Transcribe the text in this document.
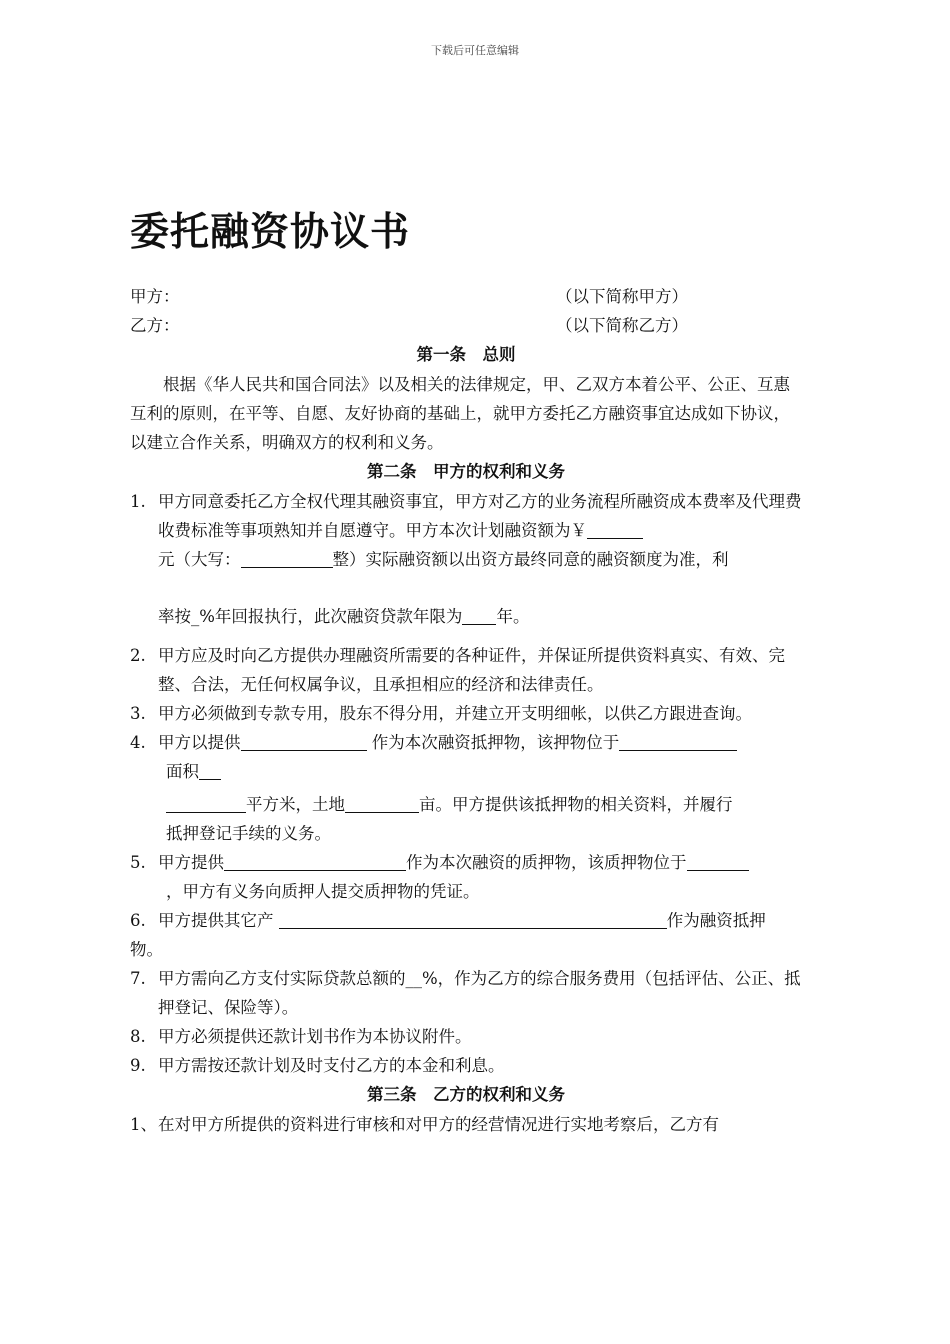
下载后可任意编辑
委托融资协议书
甲方：	（以下简称甲方）
乙方：	（以下简称乙方）
第一条　总则

根据《华人民共和国合同法》以及相关的法律规定，甲、乙双方本着公平、公正、互惠互利的原则，在平等、自愿、友好协商的基础上，就甲方委托乙方融资事宜达成如下协议，以建立合作关系，明确双方的权利和义务。

第二条　甲方的权利和义务
1. 甲方同意委托乙方全权代理其融资事宜，甲方对乙方的业务流程所融资成本费率及代理费收费标准等事项熟知并自愿遵守。甲方本次计划融资额为￥
元（大写：	整）实际融资额以出资方最终同意的融资额度为准，利
率按_%年回报执行，此次融资贷款年限为 年。
2. 甲方应及时向乙方提供办理融资所需要的各种证件，并保证所提供资料真实、有效、完整、合法，无任何权属争议，且承担相应的经济和法律责任。
3. 甲方必须做到专款专用，股东不得分用，并建立开支明细帐，以供乙方跟进查询。
4. 甲方以提供	作为本次融资抵押物，该押物位于
面积

平方米，土地	亩。甲方提供该抵押物的相关资料，并履行
抵押登记手续的义务。
5. 甲方提供	作为本次融资的质押物，该质押物位于
，甲方有义务向质押人提交质押物的凭证。
6. 甲方提供其它产	作为融资抵押
物。
7. 甲方需向乙方支付实际贷款总额的__%，作为乙方的综合服务费用（包括评估、公正、抵押登记、保险等）。
8. 甲方必须提供还款计划书作为本协议附件。
9. 甲方需按还款计划及时支付乙方的本金和利息。
第三条　乙方的权利和义务
1、 在对甲方所提供的资料进行审核和对甲方的经营情况进行实地考察后，乙方有
